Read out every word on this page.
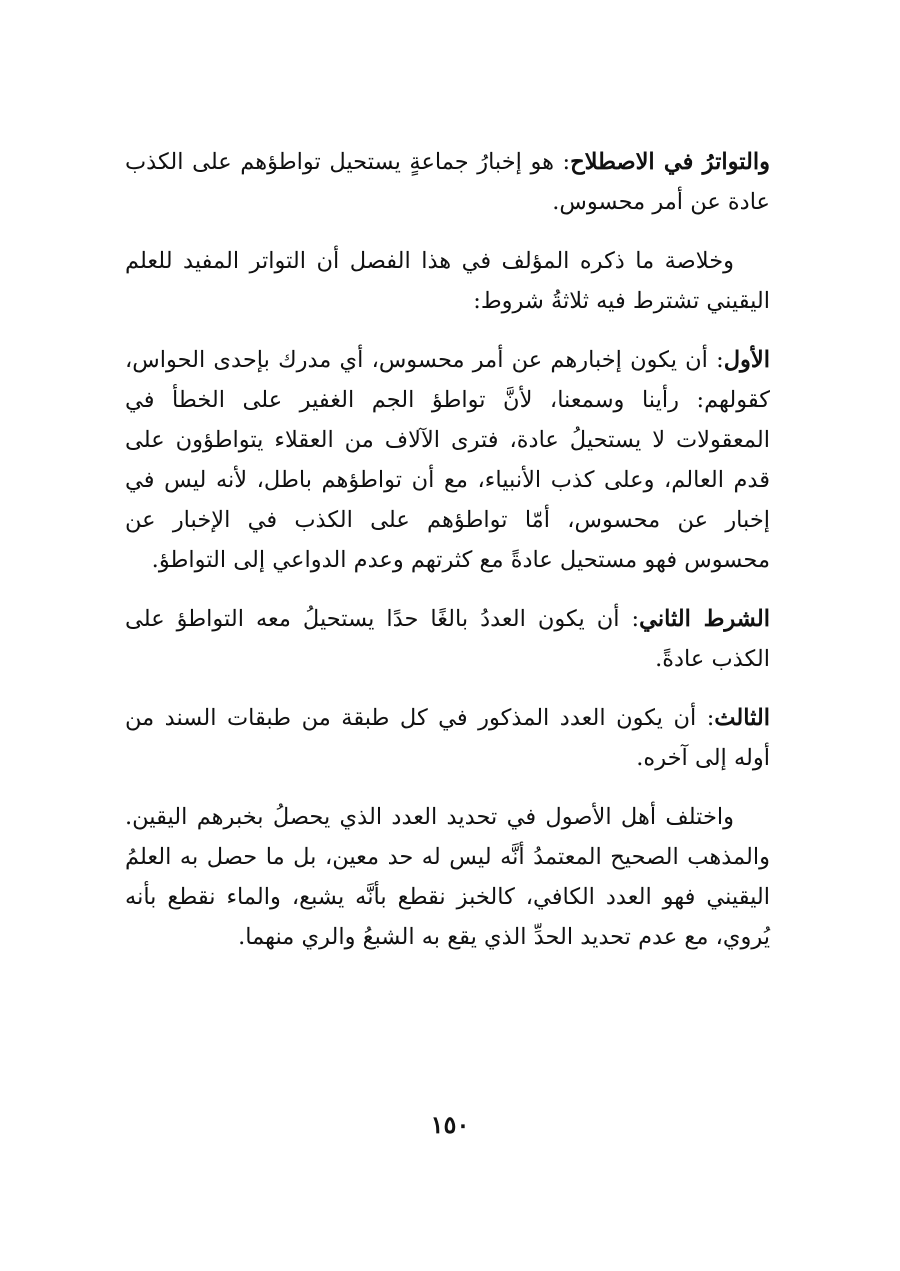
والتواترُ في الاصطلاح: هو إخبارُ جماعةٍ يستحيل تواطؤهم على الكذب عادة عن أمر محسوس.

وخلاصة ما ذكره المؤلف في هذا الفصل أن التواتر المفيد للعلم اليقيني تشترط فيه ثلاثةُ شروط:

الأول: أن يكون إخبارهم عن أمر محسوس، أي مدرك بإحدى الحواس، كقولهم: رأينا وسمعنا، لأنَّ تواطؤ الجم الغفير على الخطأ في المعقولات لا يستحيلُ عادة، فترى الآلاف من العقلاء يتواطؤون على قدم العالم، وعلى كذب الأنبياء، مع أن تواطؤهم باطل، لأنه ليس في إخبار عن محسوس، أمّا تواطؤهم على الكذب في الإخبار عن محسوس فهو مستحيل عادةً مع كثرتهم وعدم الدواعي إلى التواطؤ.

الشرط الثاني: أن يكون العددُ بالغًا حدًا يستحيلُ معه التواطؤ على الكذب عادةً.

الثالث: أن يكون العدد المذكور في كل طبقة من طبقات السند من أوله إلى آخره.

واختلف أهل الأصول في تحديد العدد الذي يحصلُ بخبرهم اليقين. والمذهب الصحيح المعتمدُ أنَّه ليس له حد معين، بل ما حصل به العلمُ اليقيني فهو العدد الكافي، كالخبز نقطع بأنَّه يشبع، والماء نقطع بأنه يُروي، مع عدم تحديد الحدِّ الذي يقع به الشبعُ والري منهما.

١٥٠
